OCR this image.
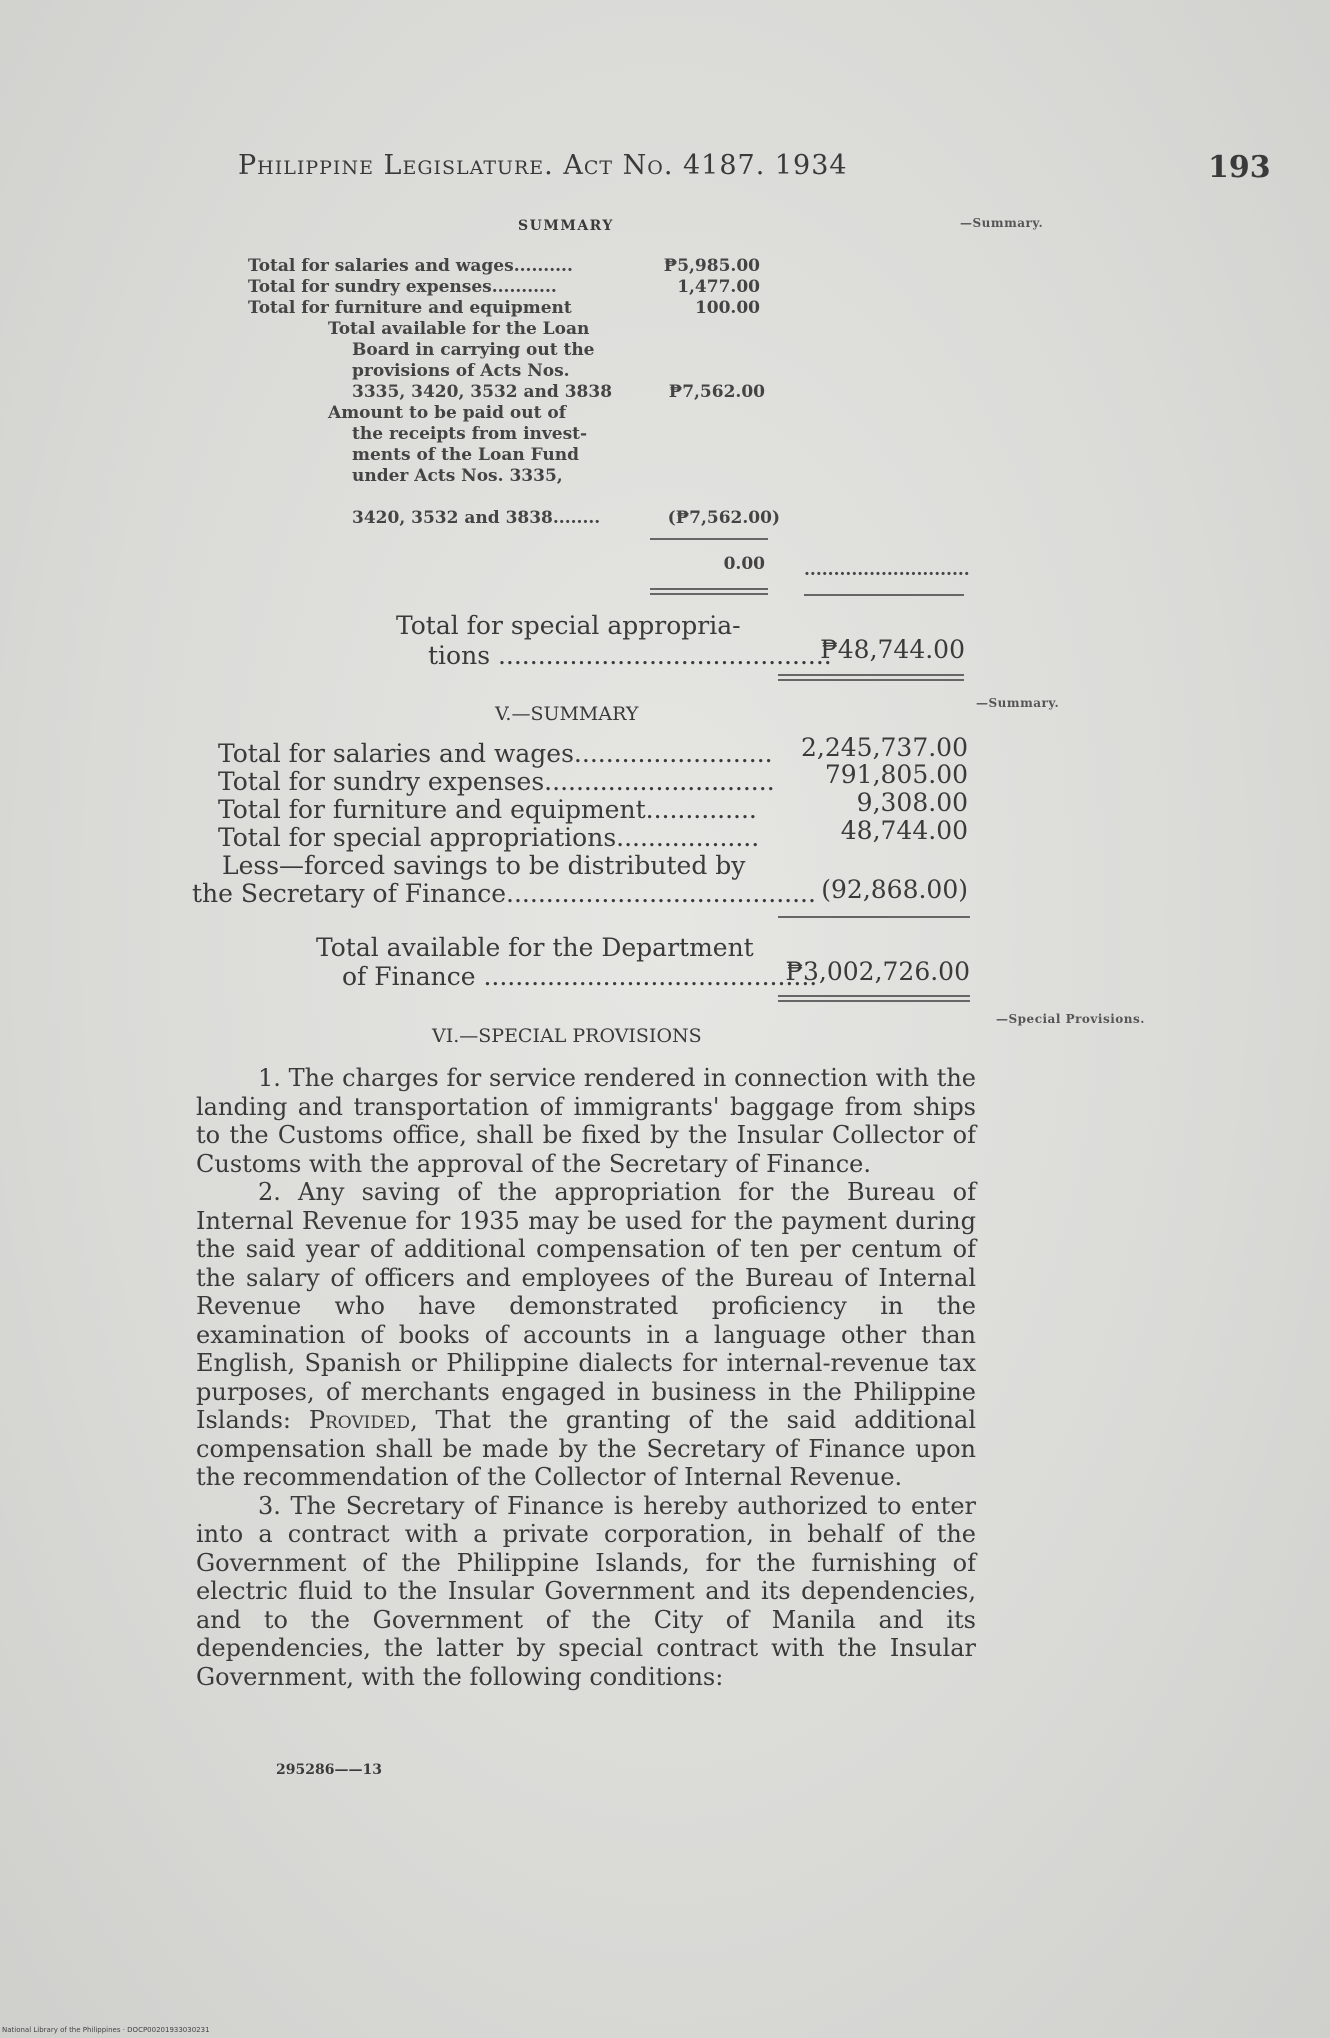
Philippine Legislature. Act No. 4187. 1934	193
SUMMARY	—Summary.
Total for salaries and wages..........	₱5,985.00
Total for sundry expenses...........	1,477.00
Total for furniture and equipment	100.00
Total available for the Loan
Board in carrying out the
provisions of Acts Nos.
3335, 3420, 3532 and 3838	₱7,562.00
Amount to be paid out of
the receipts from invest-
ments of the Loan Fund
under Acts Nos. 3335,
3420, 3532 and 3838........	(₱7,562.00)
0.00 ............................
Total for special appropria-
tions ..........................................
₱48,744.00
V.—SUMMARY	—Summary.
Total for salaries and wages.........................	2,245,737.00
Total for sundry expenses.............................	791,805.00
Total for furniture and equipment..............	9,308.00
Total for special appropriations..................	48,744.00
Less—forced savings to be distributed by
the Secretary of Finance....................................... (92,868.00)
Total available for the Department
of Finance ..........................................
₱3,002,726.00
VI.—SPECIAL PROVISIONS
—Special Provisions.
1. The charges for service rendered in connection with the landing and transportation of immigrants' baggage from ships to the Customs office, shall be fixed by the Insular Collector of Customs with the approval of the Secretary of Finance.
2. Any saving of the appropriation for the Bureau of Internal Revenue for 1935 may be used for the payment during the said year of additional compensation of ten per centum of the salary of officers and employees of the Bureau of Internal Revenue who have demonstrated proficiency in the examination of books of accounts in a language other than English, Spanish or Philippine dialects for internal-revenue tax purposes, of merchants engaged in business in the Philippine Islands: Provided, That the granting of the said additional compensation shall be made by the Secretary of Finance upon the recommendation of the Collector of Internal Revenue.
3. The Secretary of Finance is hereby authorized to enter into a contract with a private corporation, in behalf of the Government of the Philippine Islands, for the furnishing of electric fluid to the Insular Government and its dependencies, and to the Government of the City of Manila and its dependencies, the latter by special contract with the Insular Government, with the following conditions:
295286——13
National Library of the Philippines · DOCP00201933030231
